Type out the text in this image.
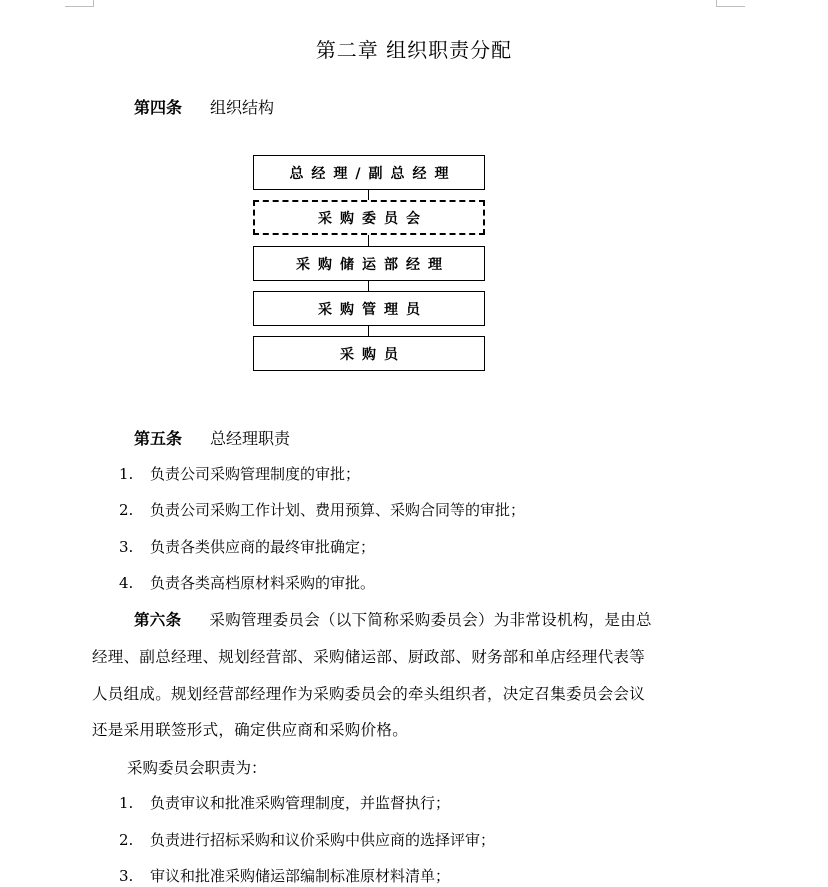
第二章 组织职责分配
第四条 组织结构
总经理/副总经理
采购委员会
采购储运部经理
采购管理员
采购员
第五条 总经理职责
1. 负责公司采购管理制度的审批；
2. 负责公司采购工作计划、费用预算、采购合同等的审批；
3. 负责各类供应商的最终审批确定；
4. 负责各类高档原材料采购的审批。
第六条 采购管理委员会（以下简称采购委员会）为非常设机构，是由总
经理、副总经理、规划经营部、采购储运部、厨政部、财务部和单店经理代表等
人员组成。规划经营部经理作为采购委员会的牵头组织者，决定召集委员会会议
还是采用联签形式，确定供应商和采购价格。
采购委员会职责为：
1. 负责审议和批准采购管理制度，并监督执行；
2. 负责进行招标采购和议价采购中供应商的选择评审；
3. 审议和批准采购储运部编制标准原材料清单；
